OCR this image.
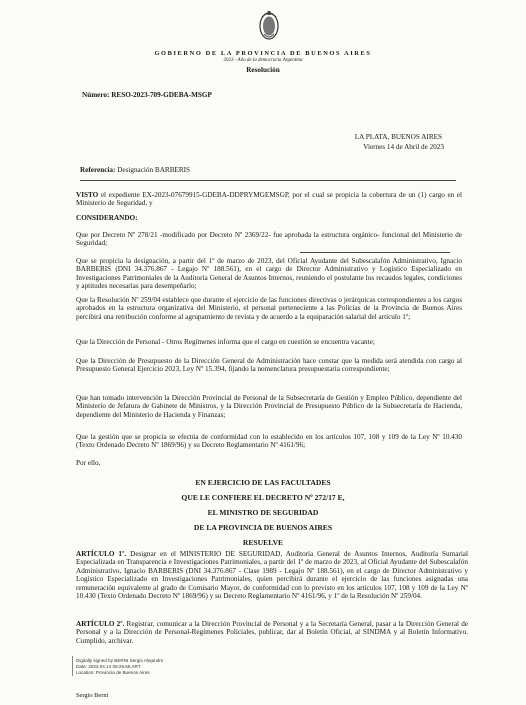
GOBIERNO DE LA PROVINCIA DE BUENOS AIRES
2023 - Año de la democracia Argentina
Resolución
Número: RESO-2023-709-GDEBA-MSGP
LA PLATA, BUENOS AIRES
Viernes 14 de Abril de 2023
Referencia: Designación BARBERIS
VISTO el expediente EX-2023-07679915-GDEBA-DDPRYMGEMSGP, por el cual se propicia la cobertura de un (1) cargo en el Ministerio de Seguridad, y
CONSIDERANDO:
Que por Decreto Nº 278/21 -modificado por Decreto Nº 2369/22- fue aprobada la estructura orgánico- funcional del Ministerio de Seguridad;
Que se propicia la designación, a partir del 1º de marzo de 2023, del Oficial Ayudante del Subescalafón Administrativo, Ignacio BARBERIS (DNI 34.376.867 - Legajo Nº 188.561), en el cargo de Director Administrativo y Logístico Especializado en Investigaciones Patrimoniales de la Auditoría General de Asuntos Internos, reuniendo el postulante los recaudos legales, condiciones y aptitudes necesarias para desempeñarlo;
Que la Resolución Nº 259/04 establece que durante el ejercicio de las funciones directivas o jerárquicas correspondientes a los cargos aprobados en la estructura organizativa del Ministerio, el personal perteneciente a las Policías de la Provincia de Buenos Aires percibirá una retribución conforme al agrupamiento de revista y de acuerdo a la equiparación salarial del artículo 1º;
Que la Dirección de Personal - Otros Regímenes informa que el cargo en cuestión se encuentra vacante;
Que la Dirección de Presupuesto de la Dirección General de Administración hace constar que la medida será atendida con cargo al Presupuesto General Ejercicio 2023, Ley Nº 15.394, fijando la nomenclatura presupuestaria correspondiente;
Que han tomado intervención la Dirección Provincial de Personal de la Subsecretaría de Gestión y Empleo Público, dependiente del Ministerio de Jefatura de Gabinete de Ministros, y la Dirección Provincial de Presupuesto Público de la Subsecretaría de Hacienda, dependiente del Ministerio de Hacienda y Finanzas;
Que la gestión que se propicia se efectúa de conformidad con lo establecido en los artículos 107, 108 y 109 de la Ley Nº 10.430 (Texto Ordenado Decreto Nº 1869/96) y su Decreto Reglamentario Nº 4161/96;
Por ello,
EN EJERCICIO DE LAS FACULTADES
QUE LE CONFIERE EL DECRETO Nº 272/17 E,
EL MINISTRO DE SEGURIDAD
DE LA PROVINCIA DE BUENOS AIRES
RESUELVE
ARTÍCULO 1º. Designar en el MINISTERIO DE SEGURIDAD, Auditoría General de Asuntos Internos, Auditoría Sumarial Especializada en Transparencia e Investigaciones Patrimoniales, a partir del 1º de marzo de 2023, al Oficial Ayudante del Subescalafón Administrativo, Ignacio BARBERIS (DNI 34.376.867 - Clase 1989 - Legajo Nº 188.561), en el cargo de Director Administrativo y Logístico Especializado en Investigaciones Patrimoniales, quien percibirá durante el ejercicio de las funciones asignadas una remuneración equivalente al grado de Comisario Mayor, de conformidad con lo previsto en los artículos 107, 108 y 109 de la Ley Nº 10.430 (Texto Ordenado Decreto Nº 1869/96) y su Decreto Reglamentario Nº 4161/96, y 1º de la Resolución Nº 259/04.
ARTÍCULO 2º. Registrar, comunicar a la Dirección Provincial de Personal y a la Secretaría General, pasar a la Dirección General de Personal y a la Dirección de Personal-Regímenes Policiales, publicar, dar al Boletín Oficial, al SINDMA y al Boletín Informativo. Cumplido, archivar.
Digitally signed by BERNI Sergio Alejandro
Date: 2023.04.14 08:25:55 ART
Location: Provincia de Buenos Aires
Sergio Berni
